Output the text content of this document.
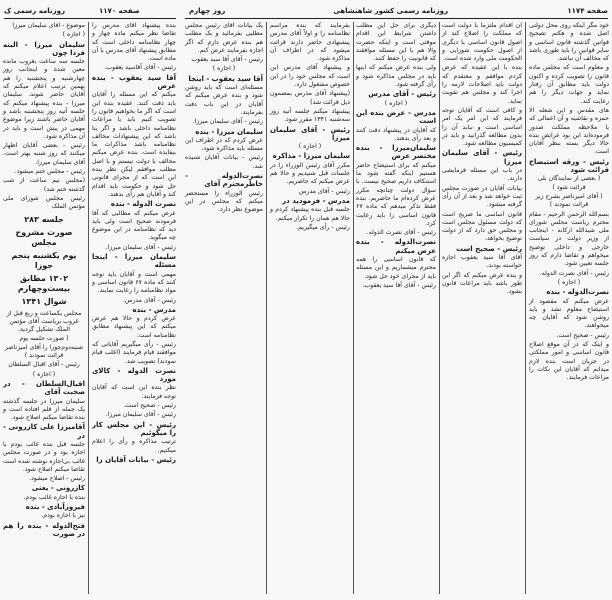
روزنامه رسمی ک	صفحه ۱۱۷۰

موضوع - آقای سلیمان میرزا

( اجازه )

سلیمان میرزا - البته فردا چون

جلسه سه ساعت بغروب مانده معین شده و اینجانب روز چهارشنبه و پنجشنبه را هم بهمین ترتیب اعلام میکنم که آقایان حاضر شوند. سلیمان میرزا - بنده پیشنهاد میکنم که جلسه آتیه روز پنجشنبه باشد و آقایان حاضر باشند زیرا موضوع مهمی در پیش است و باید در آن مذاکره شود.

رئیس - بعضی آقایان اظهار میکنند که روز شنبه بهتر است. آقای سلیمان میرزا.

رئیس - مجلس ختم میشود.

(مجلس نیم ساعت از شب گذشته ختم شد)

رئیس مجلس شورای ملی مؤتمن الملک

جلسه ۲۸۳

صورت مشروح مجلس

یوم یکشنبه پنجم جوزا

۱۳۰۲ مطابق بیست‌وچهارم

شوال ۱۳۴۱

مجلس یکساعت و ربع قبل از غروب بریاست آقای مؤتمن الملک تشکیل گردید.

( صورت جلسه یوم شنبه‌دوم‌جوزا را آقای امیرناصر قرائت نمودند )

رئیس - آقای اقبال السلطان

( اجازه )

اقبال‌السلطان - در صحبت آقای

سلیمان میرزا در جلسه گذشته یک جمله از قلم افتاده است و بنده تقاضا میکنم اصلاح شود.

آقامیرزا علی کازرونی - در

جلسه قبل بنده غائب بودم با اجازه بود و در صورت مجلس غائب بی‌اجازه نوشته شده است تقاضا میکنم اصلاح شود.

رئیس - اصلاح میشود.

کازرونی - یعنی

بنده با اجازه غائب بودم.

فیروزآبادی - بنده

نیز با اجازه بودم.

فتح‌الدوله - بنده را هم در صورت

بنده پیشنهاد آقای مدرس را تقاضا نظر میکنم ماده چهار و چهار نظامنامه داخلی است که مطابق پیشنهاد آقای مدرس با آن ماده است.

رئیس - آقای آقاسید یعقوب.

آقا سید یعقوب - بنده عرض

میکنم که این مسئله را آقایان باید دقت کنند. عقیده بنده این است که اگر ما بخواهیم قانون را تصویب کنیم باید با مراعات نظامنامه داخلی باشد و اگر بنا باشد که این پیشنهادات مخالف نظامنامه باشد مذاکرات ما بیفایده است. بنده عرض میکنم مخالف با دولت نیستم و با اصل مطلب موافقم لیکن نظر بنده این است که از مجرای قانونی حل شود و حکومت باید اقدام کند و آقایان هم رأی بدهند.

نصرت الدوله - بنده

عرض میکنم که مطالبی که آقا فرمودند صحیح است ولی باید دید که نظامنامه در این موضوع چه میگوید.

رئیس - آقای سلیمان میرزا.

سلیمان میرزا - اینجا مسئله

مهمی است و آقایان باید توجه کنند که ماده ۶۷ قانون اساسی و مواد نظامنامه را رعایت نمایند.

رئیس - آقای مدرس.

مدرس - بنده

عرض کردم و حالا هم عرض میکنم که این پیشنهاد مطابق نظامنامه است.

رئیس - رأی میگیریم آقایانی که موافقند قیام فرمایند (اغلب قیام نمودند) تصویب شد.

نصرت الدوله - کالای مورد

نظر بنده این است که آقایان توجه فرمایند.

رئیس - صحیح است.

رئیس - آقای سلیمان میرزا.

رئیس - این مجلس کار را میگوئیم

ترتیب مذاکره و رأی را اعلام میکنیم.

رئیس - بیانات آقایان را

صفحه ۱۱۷۴
روزنامه رسمی کشور شاهنشاهی
روز چهارم

خود مگر اینکه روی محل دولتی اصل شده و هکتم تصحیح قوانین گذشته قانون اساسی و سایر قوانین را باید طوری باشد که مخالف آن نباشد.

و معلوم است که مجلس ماده قانون را تصویب کرده و اکنون دولت باید مطابق آن رفتار نماید و جهات دیگر را هم رعایت کند.

های مقدس و این شعله الا حمزه و نقاشیه و آن اعمالی که با ملاحظه مملکت صدور فرموده‌اند این بود عرایض بنده حالا دیگر بسته بنظر آقایان است.

رئیس - ورقه استیضاح قرائت شود

( بعضی از نمایندگان بلی قرائت شود )

( آقای امیرناصر بشرح زیر قرائت نمودند )

بسم‌الله الرحمن الرحیم - مقام محترم ریاست مجلس شورای ملی شیدالله ارکانه - اینجانب از وزیر دولت در سیاست خارجی و داخلی توضیح میخواهم و تقاضا دارم که روز جلسه تعیین شود.

رئیس - آقای نصرت الدوله.

( اجازه )

نصرت‌الدوله - بنده

عرض میکنم که مقصود از استیضاح معلوم نشد و باید روشن شود که آقایان چه میخواهند.

رئیس - صحیح است.

و اینک که در آن موقع اصلاح قانون اساسی و امور مملکتی در جریان است بنده لازم میدانم که آقایان این نکات را مراعات فرمایند.

آن اقدام ملتزماً با دولت است که مملکت را اصلاح کند از اصول قانون اساسی یا دیگری از اصول حکومت شورایی و الحکومت ملی وارد شده است.

بنده با این عقیده که عرض کردم موافقم و معتقدم که دولت باید اصلاحات لازمه را اجرا کند و مجلس هم تقویت نماید.

و کافی است که آقایان توجه فرمایند که این امر یک امر اساسی است و نباید آن را بدون مطالعه گذرانید و باید در کمیسیون مطالعه شود.

رئیس - آقای سلیمان میرزا

در باب این مسئله فرمایشی دارند.

بیانات آقایان در صورت مجلس ثبت خواهد شد و بعد از آن رأی گرفته میشود.

قانون اساسی ما صریح است که دولت مسئول مجلس است و مجلس حق دارد که از دولت توضیح بخواهد.

رئیس - صحیح است

آقای آقا سید یعقوب اجازه خواسته بودند.

و بنده عرض میکنم که اگر این طور باشد باید مراعات قانون بشود.

دیگری برای حل این مطلب داشتن شرایط این اقدام موقتی است و اینکه حضرت والا هم با این مسئله موافقند که قانونیت را حفظ کنند.

ولی بنده عرض میکنم که اینها باید در مجلس مذاکره شود و رأی گرفته شود.

رئیس - آقای مدرس

( اجازه )

مدرس - عرض بنده این است

که آقایان در پیشنهاد دقت کنند و بعد رأی بدهند.

سلیمان‌میرزا - بنده مختصر عرض

میکنم که برای استیضاح حاضر هستیم اینکه گفته شود ما استنکاف داریم صحیح نیست. با سؤال دولت چنانچه مکرر عرض کرده‌ام ما حاضریم. بنده فقط تذکر میدهم که ماده ۶۷ قانون اساسی را باید رعایت کرد.

رئیس - آقای نصرت الدوله.

نصرت‌الدوله - بنده عرض میکنم

که قانون اساسی را همه محترم میشماریم و این مسئله باید از مجرای خود حل شود.

رئیس - آقای آقا سید یعقوب.

بفرمایند که بنده مراسم نظامنامه را و اولاً آقای مدرس پیشنهادی حاضر دارند قرائت میشود که در اطراف آن مذاکره شود.

و پیشنهاد آقای مدرس این است که مجلس خود را در این خصوص مشغول دارد.

(پیشنهاد آقای مدرس بمضمون ذیل قرائت شد)

پیشنهاد میکنم جلسه آتیه روز سه‌شنبه ۱۳۴۱ مقرر شود.

رئیس - آقای سلیمان میرزا

( اجازه )

سلیمان میرزا - مذاکره

مکرر آقای رئیس الوزراء را در جلسات قبل شنیدیم و حالا هم عرض میکنم که حاضریم.

رئیس - آقای مدرس

مدرس - فرمودید در

جلسه قبل بنده پیشنهاد کردم و حالا هم همان را تکرار میکنم.

رئیس - رأی میگیریم.

یک بیانات آقای رئیس مجلس مطلبی بفرمائید و یک مطلب هم بنده عرض دارم که اگر اجازه بفرمایند عرض کنم.

رئیس - آقای آقا سید یعقوب

( اجازه )

آقا سید یعقوب - اینجا

مسئله‌ای است که باید روشن شود و بنده عرض میکنم که آقایان در این باب دقت بفرمایند.

رئیس - آقای سلیمان میرزا.

سلیمان میرزا - بنده

عرض کردم که در اطراف این مسئله باید مذاکره شود.

رئیس - بیانات آقایان شنیده شد.

نصرت‌الدوله - خاطرمحترم آقای

رئیس الوزراء را مستحضر میکنم که مجلس در این موضوع نظر دارد.
